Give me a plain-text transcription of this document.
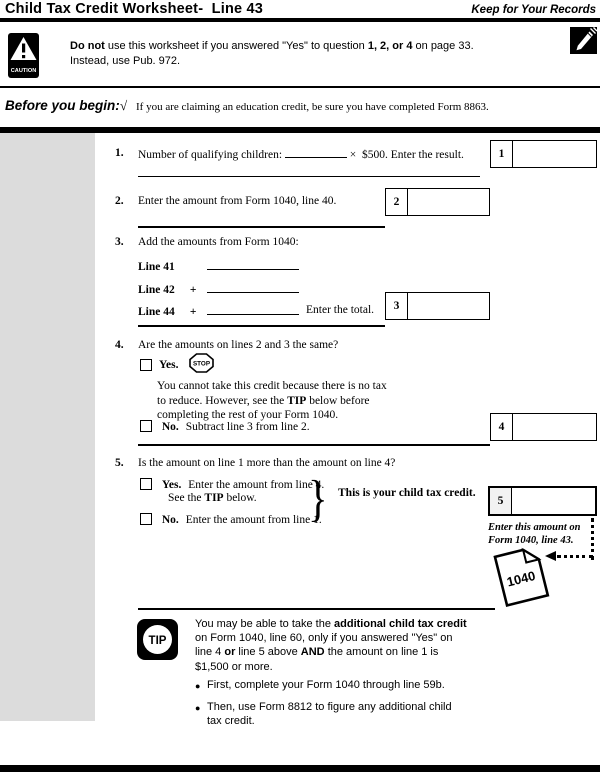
Child Tax Credit Worksheet-  Line 43	Keep for Your Records
CAUTION
Do not use this worksheet if you answered "Yes" to question 1, 2, or 4 on page 33.
Instead, use Pub. 972.
Before you begin: √ If you are claiming an education credit, be sure you have completed Form 8863.
1. Number of qualifying children:	×  $500. Enter the result.	1
2. Enter the amount from Form 1040, line 40.	2
3. Add the amounts from Form 1040:
Line 41
Line 42 +
Line 44 +	Enter the total.	3
4. Are the amounts on lines 2 and 3 the same?
Yes. STOP
You cannot take this credit because there is no tax
to reduce. However, see the TIP below before
completing the rest of your Form 1040.
No. Subtract line 3 from line 2.	4
5. Is the amount on line 1 more than the amount on line 4?
Yes. Enter the amount from line 4.
See the TIP below.
No. Enter the amount from line 1.
} This is your child tax credit.
5
Enter this amount on
Form 1040, line 43.
1040
TIP
You may be able to take the additional child tax credit
on Form 1040, line 60, only if you answered "Yes" on
line 4 or line 5 above AND the amount on line 1 is
$1,500 or more.
● First, complete your Form 1040 through line 59b.
● Then, use Form 8812 to figure any additional child
tax credit.
